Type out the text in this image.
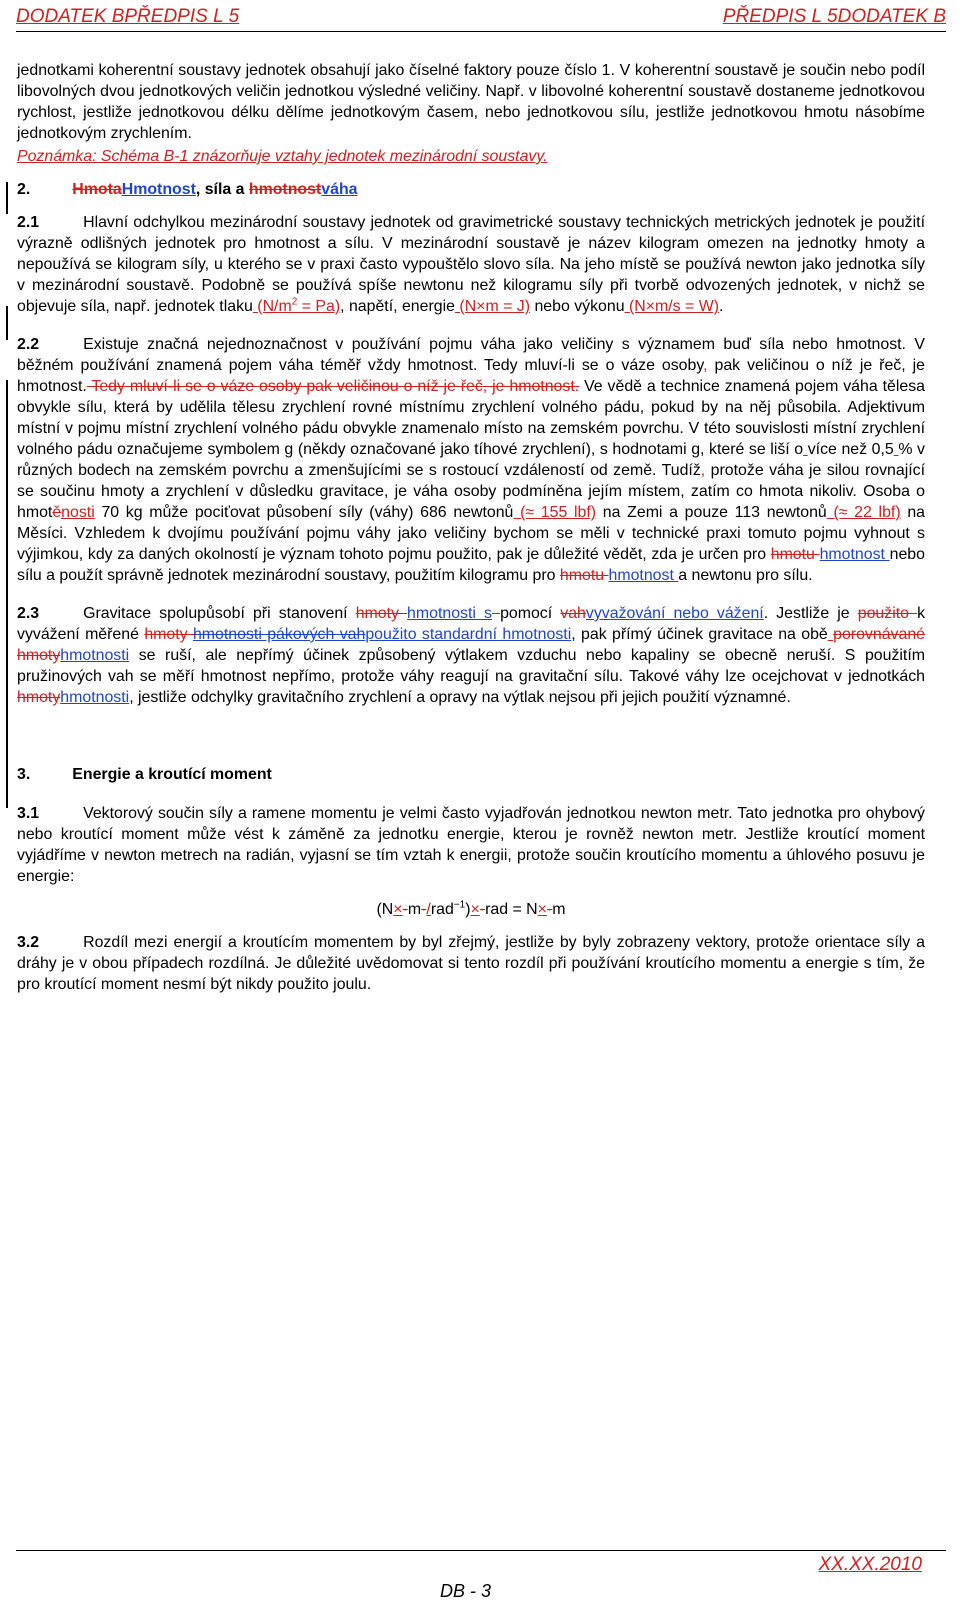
DODATEK BPŘEDPIS L 5	PŘEDPIS L 5DODATEK B

jednotkami koherentní soustavy jednotek obsahují jako číselné faktory pouze číslo 1. V koherentní soustavě je součin nebo podíl libovolných dvou jednotkových veličin jednotkou výsledné veličiny. Např. v libovolné koherentní soustavě dostaneme jednotkovou rychlost, jestliže jednotkovou délku dělíme jednotkovým časem, nebo jednotkovou sílu, jestliže jednotkovou hmotu násobíme jednotkovým zrychlením.

Poznámka: Schéma B-1 znázorňuje vztahy jednotek mezinárodní soustavy.

2.	HmotaHmotnost, síla a hmotnostváha

2.1	Hlavní odchylkou mezinárodní soustavy jednotek od gravimetrické soustavy technických metrických jednotek je použití výrazně odlišných jednotek pro hmotnost a sílu. V mezinárodní soustavě je název kilogram omezen na jednotky hmoty a nepoužívá se kilogram síly, u kterého se v praxi často vypouštělo slovo síla. Na jeho místě se používá newton jako jednotka síly v mezinárodní soustavě. Podobně se používá spíše newtonu než kilogramu síly při tvorbě odvozených jednotek, v nichž se objevuje síla, např. jednotek tlaku $(N/m^2 = Pa)$, napětí, energie (N×m = J) nebo výkonu (N×m/s = W).

2.2	Existuje značná nejednoznačnost v používání pojmu váha jako veličiny s významem buď síla nebo hmotnost. V běžném používání znamená pojem váha téměř vždy hmotnost. Tedy mluví-li se o váze osoby, pak veličinou o níž je řeč, je hmotnost. Tedy mluví-li se o váze osoby pak veličinou o níž je řeč, je hmotnost. Ve vědě a technice znamená pojem váha tělesa obvykle sílu, která by udělila tělesu zrychlení rovné místnímu zrychlení volného pádu, pokud by na něj působila. Adjektivum místní v pojmu místní zrychlení volného pádu obvykle znamenalo místo na zemském povrchu. V této souvislosti místní zrychlení volného pádu označujeme symbolem g (někdy označované jako tíhové zrychlení), s hodnotami g, které se liší o více než 0,5 % v různých bodech na zemském povrchu a zmenšujícími se s rostoucí vzdáleností od země. Tudíž, protože váha je silou rovnající se součinu hmoty a zrychlení v důsledku gravitace, je váha osoby podmíněna jejím místem, zatím co hmota nikoliv. Osoba o hmotěnosti 70 kg může pociťovat působení síly (váhy) 686 newtonů (≈ 155 lbf) na Zemi a pouze 113 newtonů (≈ 22 lbf) na Měsíci. Vzhledem k dvojímu používání pojmu váhy jako veličiny bychom se měli v technické praxi tomuto pojmu vyhnout s výjimkou, kdy za daných okolností je význam tohoto pojmu použito, pak je důležité vědět, zda je určen pro hmotu hmotnost nebo sílu a použít správně jednotek mezinárodní soustavy, použitím kilogramu pro hmotu hmotnost a newtonu pro sílu.

2.3	Gravitace spolupůsobí při stanovení hmoty hmotnosti s pomocí vahvyvažování nebo vážení. Jestliže je použito k vyvážení měřené hmoty hmotnosti pákových vahpoužito standardní hmotnosti, pak přímý účinek gravitace na obě porovnávané hmotyhmotnosti se ruší, ale nepřímý účinek způsobený výtlakem vzduchu nebo kapaliny se obecně neruší. S použitím pružinových vah se měří hmotnost nepřímo, protože váhy reagují na gravitační sílu. Takové váhy lze ocejchovat v jednotkách hmotyhmotnosti, jestliže odchylky gravitačního zrychlení a opravy na výtlak nejsou při jejich použití významné.

3.	Energie a kroutící moment

3.1	Vektorový součin síly a ramene momentu je velmi často vyjadřován jednotkou newton metr. Tato jednotka pro ohybový nebo kroutící moment může vést k záměně za jednotku energie, kterou je rovněž newton metr. Jestliže kroutící moment vyjádříme v newton metrech na radián, vyjasní se tím vztah k energii, protože součin kroutícího momentu a úhlového posuvu je energie:

(N×·m·/rad$^{-1}$)×·rad = N×·m

3.2	Rozdíl mezi energií a kroutícím momentem by byl zřejmý, jestliže by byly zobrazeny vektory, protože orientace síly a dráhy je v obou případech rozdílná. Je důležité uvědomovat si tento rozdíl při používání kroutícího momentu a energie s tím, že pro kroutící moment nesmí být nikdy použito joulu.

XX.XX.2010
DB - 3
